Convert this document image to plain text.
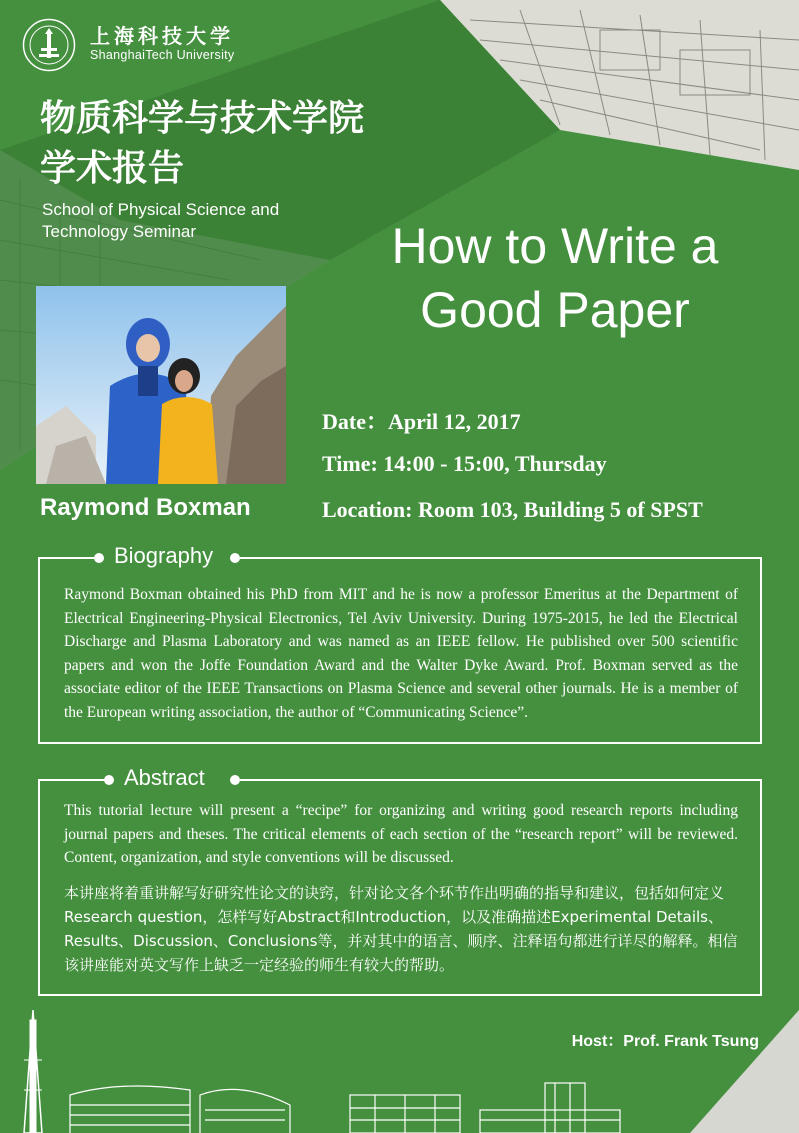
上海科技大学
ShanghaiTech University
物质科学与技术学院
学术报告

School of Physical Science and
Technology Seminar	How to Write a
Good Paper
Raymond Boxman
Date：April 12, 2017
Time: 14:00 - 15:00, Thursday
Location: Room 103, Building 5 of SPST
Biography

Raymond Boxman obtained his PhD from MIT and he is now a professor Emeritus at the Department of Electrical Engineering-Physical Electronics, Tel Aviv University. During 1975-2015, he led the Electrical Discharge and Plasma Laboratory and was named as an IEEE fellow. He published over 500 scientific papers and won the Joffe Foundation Award and the Walter Dyke Award. Prof. Boxman served as the associate editor of the IEEE Transactions on Plasma Science and several other journals. He is a member of the European writing association, the author of “Communicating Science”.

Abstract

This tutorial lecture will present a “recipe” for organizing and writing good research reports including journal papers and theses. The critical elements of each section of the “research report” will be reviewed. Content, organization, and style conventions will be discussed.

本讲座将着重讲解写好研究性论文的诀窍，针对论文各个环节作出明确的指导和建议，包括如何定义Research question，怎样写好Abstract和Introduction，以及准确描述Experimental Details、Results、Discussion、Conclusions等，并对其中的语言、顺序、注释语句都进行详尽的解释。相信该讲座能对英文写作上缺乏一定经验的师生有较大的帮助。

Host：Prof. Frank Tsung
